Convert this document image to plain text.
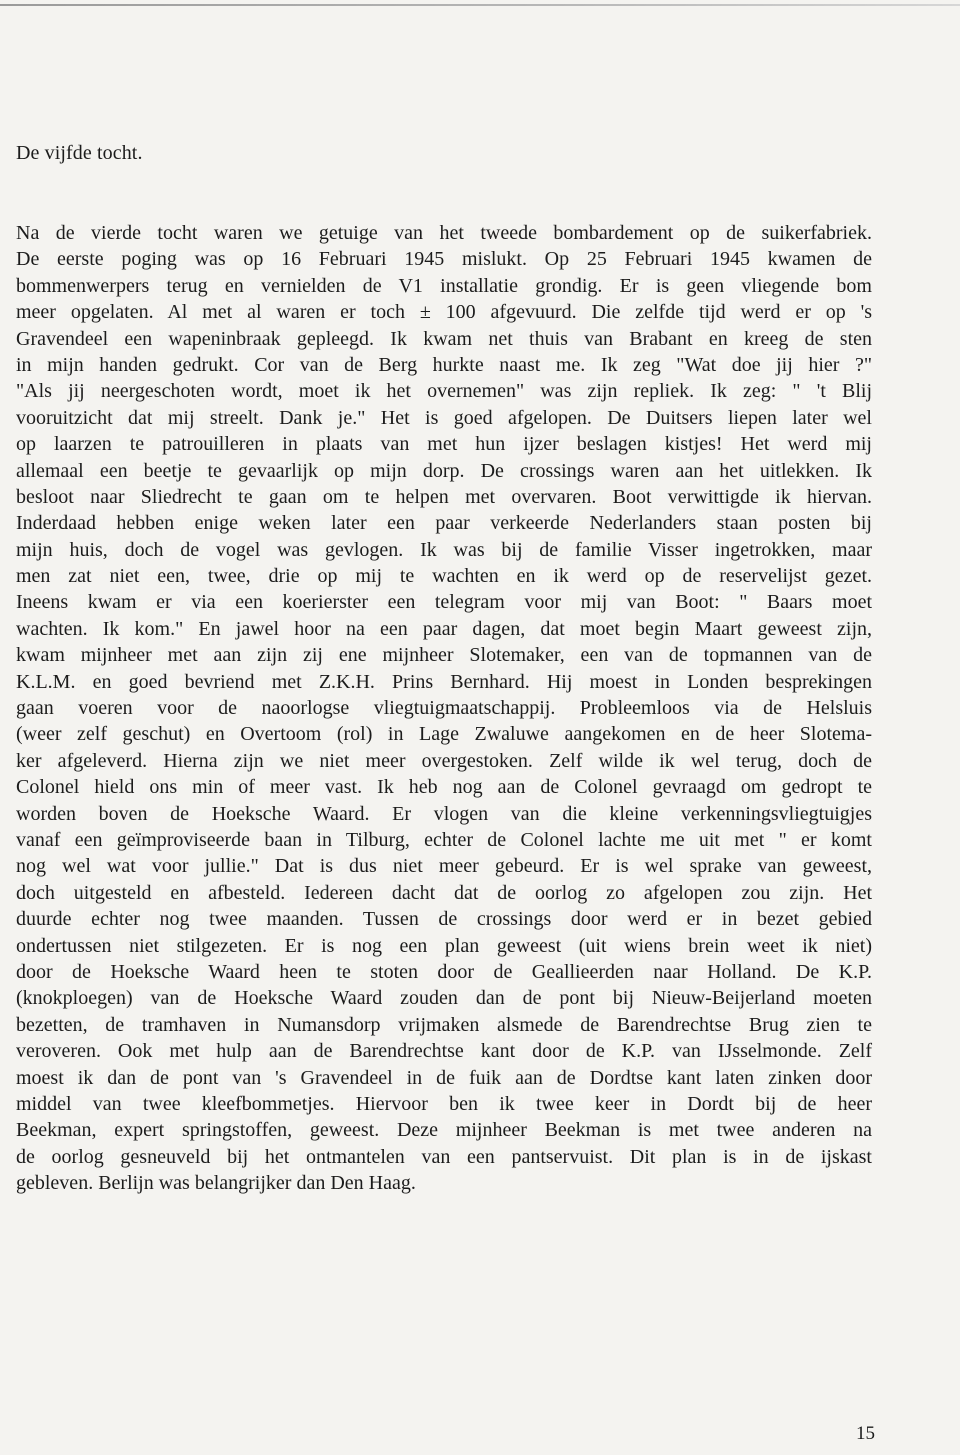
De vijfde tocht.
Na de vierde tocht waren we getuige van het tweede bombardement op de suikerfabriek.
De eerste poging was op 16 Februari 1945 mislukt. Op 25 Februari 1945 kwamen de
bommenwerpers terug en vernielden de V1 installatie grondig. Er is geen vliegende bom
meer opgelaten. Al met al waren er toch ± 100 afgevuurd. Die zelfde tijd werd er op 's
Gravendeel een wapeninbraak gepleegd. Ik kwam net thuis van Brabant en kreeg de sten
in mijn handen gedrukt. Cor van de Berg hurkte naast me. Ik zeg "Wat doe jij hier ?"
"Als jij neergeschoten wordt, moet ik het overnemen" was zijn repliek. Ik zeg: " 't Blij
vooruitzicht dat mij streelt. Dank je." Het is goed afgelopen. De Duitsers liepen later wel
op laarzen te patrouilleren in plaats van met hun ijzer beslagen kistjes! Het werd mij
allemaal een beetje te gevaarlijk op mijn dorp. De crossings waren aan het uitlekken. Ik
besloot naar Sliedrecht te gaan om te helpen met overvaren. Boot verwittigde ik hiervan.
Inderdaad hebben enige weken later een paar verkeerde Nederlanders staan posten bij
mijn huis, doch de vogel was gevlogen. Ik was bij de familie Visser ingetrokken, maar
men zat niet een, twee, drie op mij te wachten en ik werd op de reservelijst gezet.
Ineens kwam er via een koerierster een telegram voor mij van Boot: " Baars moet
wachten. Ik kom." En jawel hoor na een paar dagen, dat moet begin Maart geweest zijn,
kwam mijnheer met aan zijn zij ene mijnheer Slotemaker, een van de topmannen van de
K.L.M. en goed bevriend met Z.K.H. Prins Bernhard. Hij moest in Londen besprekingen
gaan voeren voor de naoorlogse vliegtuigmaatschappij. Probleemloos via de Helsluis
(weer zelf geschut) en Overtoom (rol) in Lage Zwaluwe aangekomen en de heer Slotema-
ker afgeleverd. Hierna zijn we niet meer overgestoken. Zelf wilde ik wel terug, doch de
Colonel hield ons min of meer vast. Ik heb nog aan de Colonel gevraagd om gedropt te
worden boven de Hoeksche Waard. Er vlogen van die kleine verkenningsvliegtuigjes
vanaf een geïmproviseerde baan in Tilburg, echter de Colonel lachte me uit met " er komt
nog wel wat voor jullie." Dat is dus niet meer gebeurd. Er is wel sprake van geweest,
doch uitgesteld en afbesteld. Iedereen dacht dat de oorlog zo afgelopen zou zijn. Het
duurde echter nog twee maanden. Tussen de crossings door werd er in bezet gebied
ondertussen niet stilgezeten. Er is nog een plan geweest (uit wiens brein weet ik niet)
door de Hoeksche Waard heen te stoten door de Geallieerden naar Holland. De K.P.
(knokploegen) van de Hoeksche Waard zouden dan de pont bij Nieuw-Beijerland moeten
bezetten, de tramhaven in Numansdorp vrijmaken alsmede de Barendrechtse Brug zien te
veroveren. Ook met hulp aan de Barendrechtse kant door de K.P. van IJsselmonde. Zelf
moest ik dan de pont van 's Gravendeel in de fuik aan de Dordtse kant laten zinken door
middel van twee kleefbommetjes. Hiervoor ben ik twee keer in Dordt bij de heer
Beekman, expert springstoffen, geweest. Deze mijnheer Beekman is met twee anderen na
de oorlog gesneuveld bij het ontmantelen van een pantservuist. Dit plan is in de ijskast
gebleven. Berlijn was belangrijker dan Den Haag.
15
